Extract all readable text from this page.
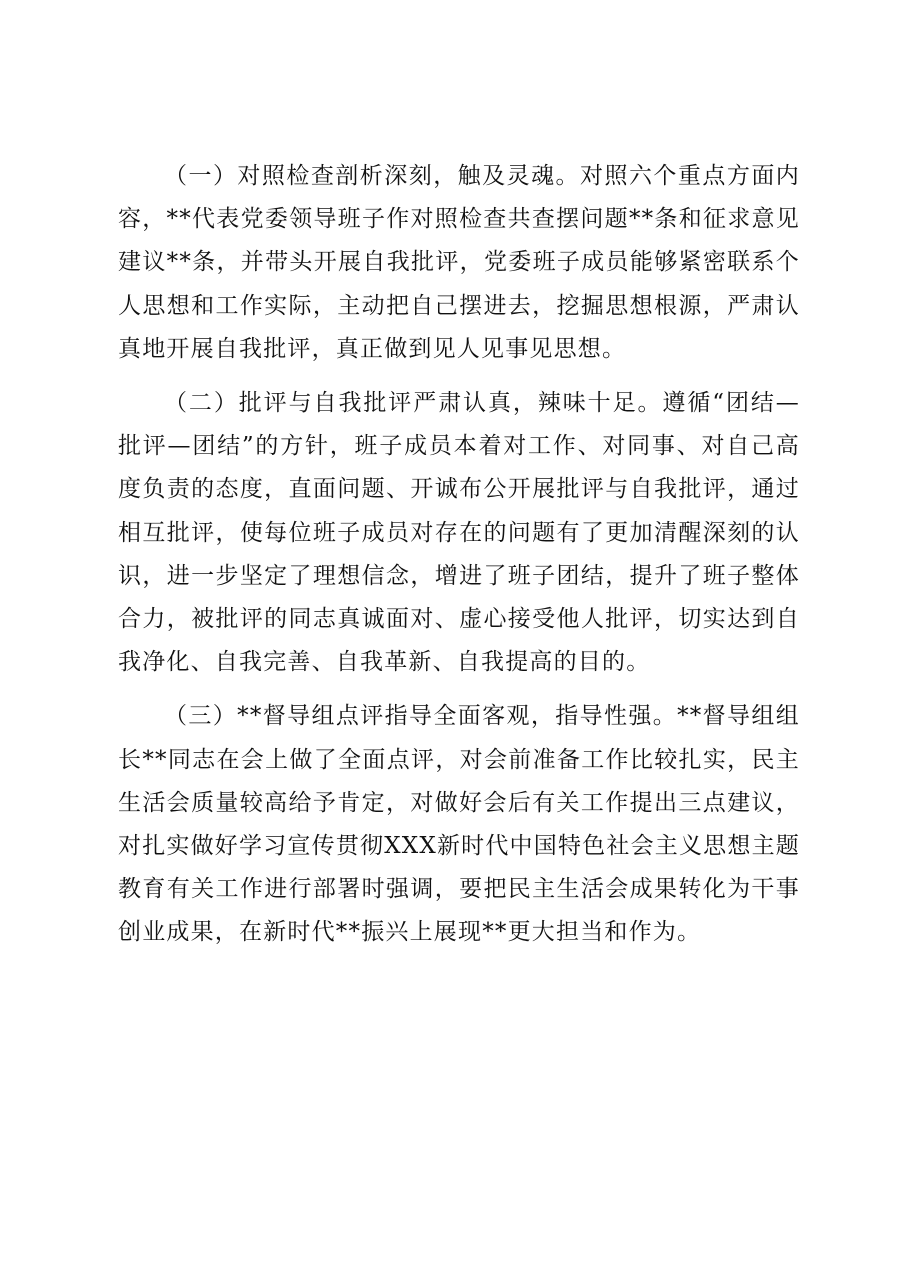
（一）对照检查剖析深刻，触及灵魂。对照六个重点方面内容，**代表党委领导班子作对照检查共查摆问题**条和征求意见建议**条，并带头开展自我批评，党委班子成员能够紧密联系个人思想和工作实际，主动把自己摆进去，挖掘思想根源，严肃认真地开展自我批评，真正做到见人见事见思想。

（二）批评与自我批评严肃认真，辣味十足。遵循“团结—批评—团结”的方针，班子成员本着对工作、对同事、对自己高度负责的态度，直面问题、开诚布公开展批评与自我批评，通过相互批评，使每位班子成员对存在的问题有了更加清醒深刻的认识，进一步坚定了理想信念，增进了班子团结，提升了班子整体合力，被批评的同志真诚面对、虚心接受他人批评，切实达到自我净化、自我完善、自我革新、自我提高的目的。

（三）**督导组点评指导全面客观，指导性强。**督导组组长**同志在会上做了全面点评，对会前准备工作比较扎实，民主生活会质量较高给予肯定，对做好会后有关工作提出三点建议，对扎实做好学习宣传贯彻XXX新时代中国特色社会主义思想主题教育有关工作进行部署时强调，要把民主生活会成果转化为干事创业成果，在新时代**振兴上展现**更大担当和作为。
